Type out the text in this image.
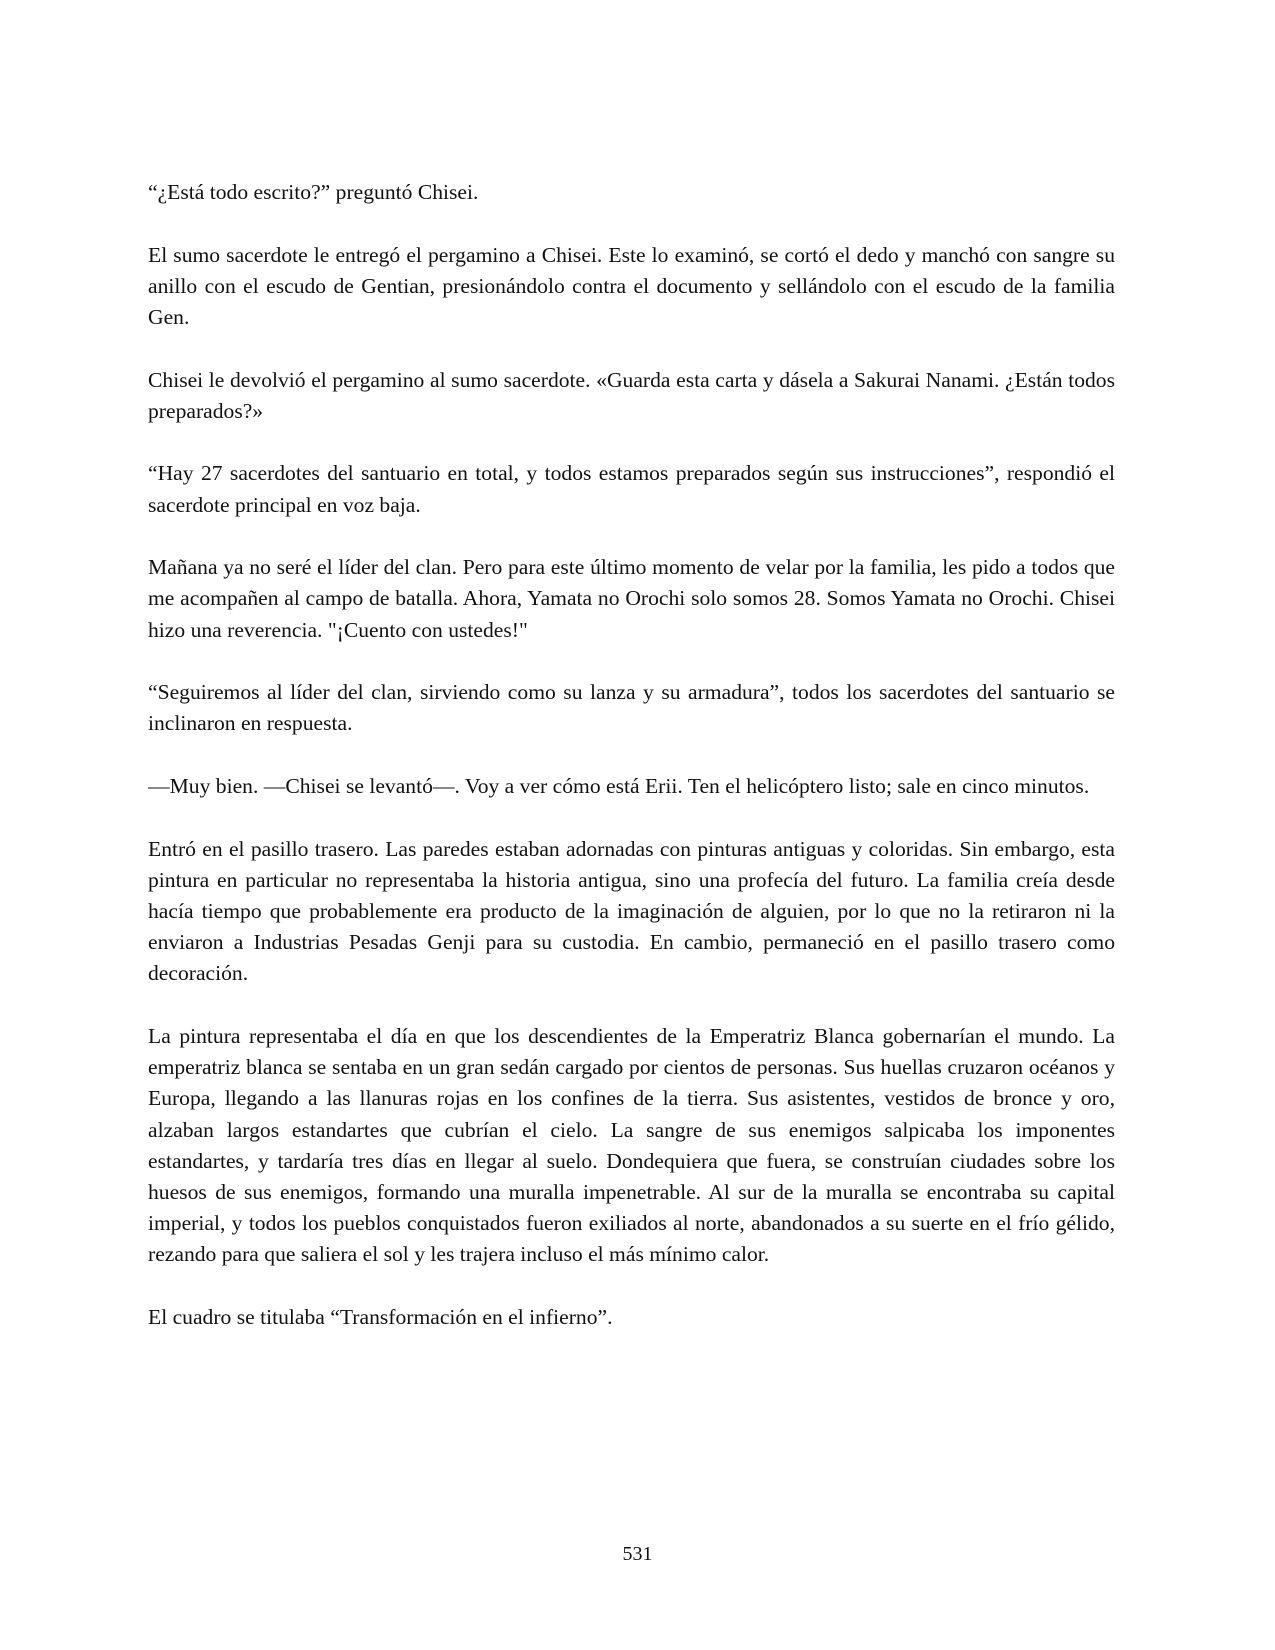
“¿Está todo escrito?” preguntó Chisei.

El sumo sacerdote le entregó el pergamino a Chisei. Este lo examinó, se cortó el dedo y manchó con sangre su anillo con el escudo de Gentian, presionándolo contra el documento y sellándolo con el escudo de la familia Gen.

Chisei le devolvió el pergamino al sumo sacerdote. «Guarda esta carta y dásela a Sakurai Nanami. ¿Están todos preparados?»

“Hay 27 sacerdotes del santuario en total, y todos estamos preparados según sus instrucciones”, respondió el sacerdote principal en voz baja.

Mañana ya no seré el líder del clan. Pero para este último momento de velar por la familia, les pido a todos que me acompañen al campo de batalla. Ahora, Yamata no Orochi solo somos 28. Somos Yamata no Orochi. Chisei hizo una reverencia. "¡Cuento con ustedes!"

“Seguiremos al líder del clan, sirviendo como su lanza y su armadura”, todos los sacerdotes del santuario se inclinaron en respuesta.

—Muy bien. —Chisei se levantó—. Voy a ver cómo está Erii. Ten el helicóptero listo; sale en cinco minutos.

Entró en el pasillo trasero. Las paredes estaban adornadas con pinturas antiguas y coloridas. Sin embargo, esta pintura en particular no representaba la historia antigua, sino una profecía del futuro. La familia creía desde hacía tiempo que probablemente era producto de la imaginación de alguien, por lo que no la retiraron ni la enviaron a Industrias Pesadas Genji para su custodia. En cambio, permaneció en el pasillo trasero como decoración.

La pintura representaba el día en que los descendientes de la Emperatriz Blanca gobernarían el mundo. La emperatriz blanca se sentaba en un gran sedán cargado por cientos de personas. Sus huellas cruzaron océanos y Europa, llegando a las llanuras rojas en los confines de la tierra. Sus asistentes, vestidos de bronce y oro, alzaban largos estandartes que cubrían el cielo. La sangre de sus enemigos salpicaba los imponentes estandartes, y tardaría tres días en llegar al suelo. Dondequiera que fuera, se construían ciudades sobre los huesos de sus enemigos, formando una muralla impenetrable. Al sur de la muralla se encontraba su capital imperial, y todos los pueblos conquistados fueron exiliados al norte, abandonados a su suerte en el frío gélido, rezando para que saliera el sol y les trajera incluso el más mínimo calor.

El cuadro se titulaba “Transformación en el infierno”.

531
